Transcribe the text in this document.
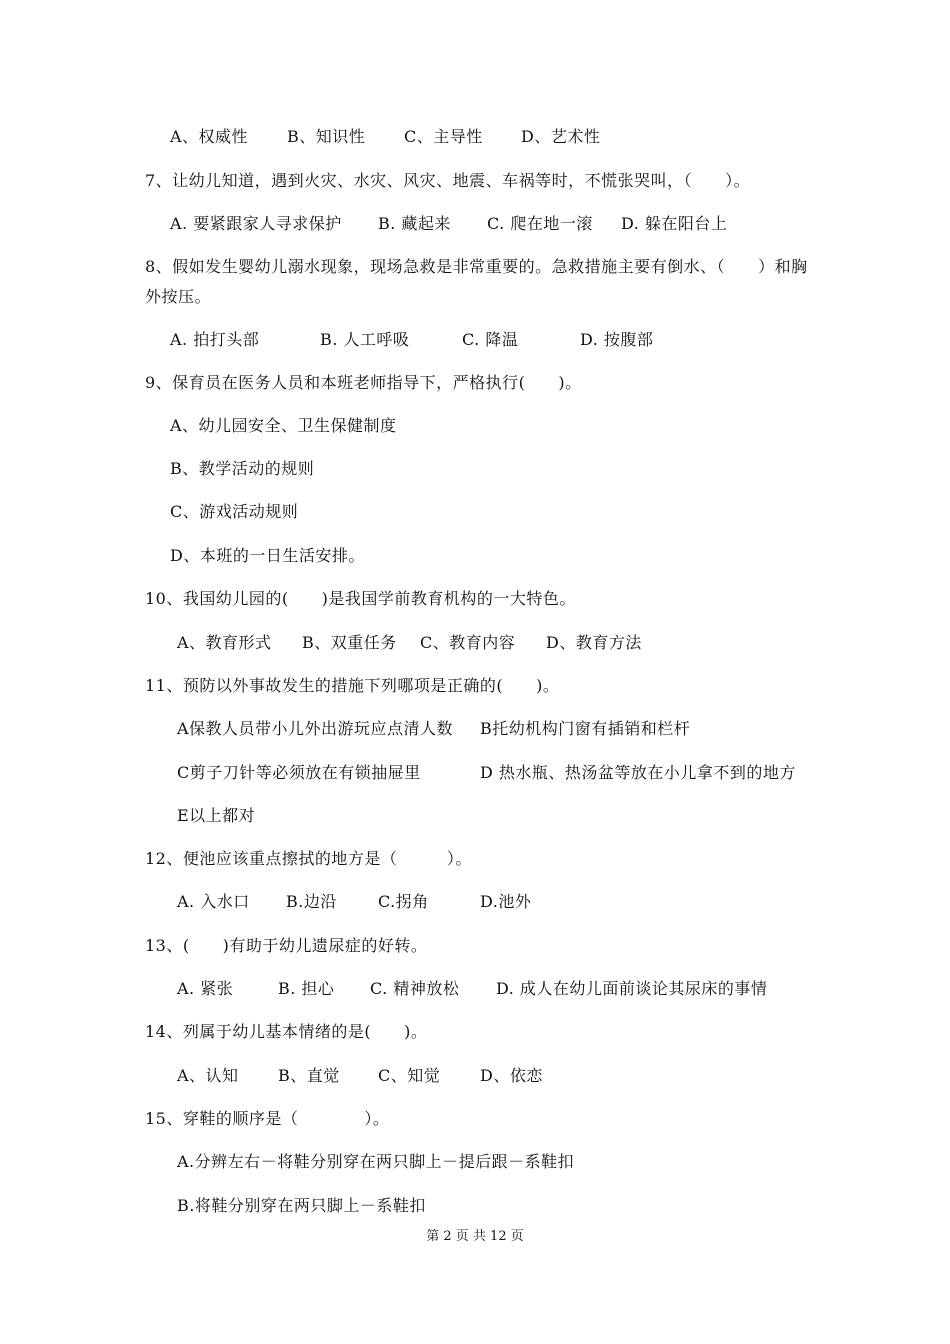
A、权威性 B、知识性 C、主导性 D、艺术性
7、让幼儿知道，遇到火灾、水灾、风灾、地震、车祸等时，不慌张哭叫，（　　）。
A. 要紧跟家人寻求保护 B. 藏起来 C. 爬在地一滚 D. 躲在阳台上
8、假如发生婴幼儿溺水现象，现场急救是非常重要的。急救措施主要有倒水、（　　）和胸
外按压。
A. 拍打头部	B. 人工呼吸	C. 降温	D. 按腹部
9、保育员在医务人员和本班老师指导下，严格执行(　　)。
A、幼儿园安全、卫生保健制度
B、教学活动的规则
C、游戏活动规则
D、本班的一日生活安排。
10、我国幼儿园的(　　)是我国学前教育机构的一大特色。
A、教育形式 B、双重任务 C、教育内容 D、教育方法
11、预防以外事故发生的措施下列哪项是正确的(　　)。
A保教人员带小儿外出游玩应点清人数 B托幼机构门窗有插销和栏杆
C剪子刀针等必须放在有锁抽屉里	D 热水瓶、热汤盆等放在小儿拿不到的地方
E以上都对
12、便池应该重点擦拭的地方是（　　　）。
A. 入水口 B.边沿	C.拐角	D.池外
13、(　　)有助于幼儿遗尿症的好转。
A. 紧张	B. 担心 C. 精神放松 D. 成人在幼儿面前谈论其尿床的事情
14、列属于幼儿基本情绪的是(　　)。
A、认知 B、直觉 C、知觉 D、依恋
15、穿鞋的顺序是（　　　　）。
A.分辨左右－将鞋分别穿在两只脚上－提后跟－系鞋扣
B.将鞋分别穿在两只脚上－系鞋扣
第 2 页 共 12 页
